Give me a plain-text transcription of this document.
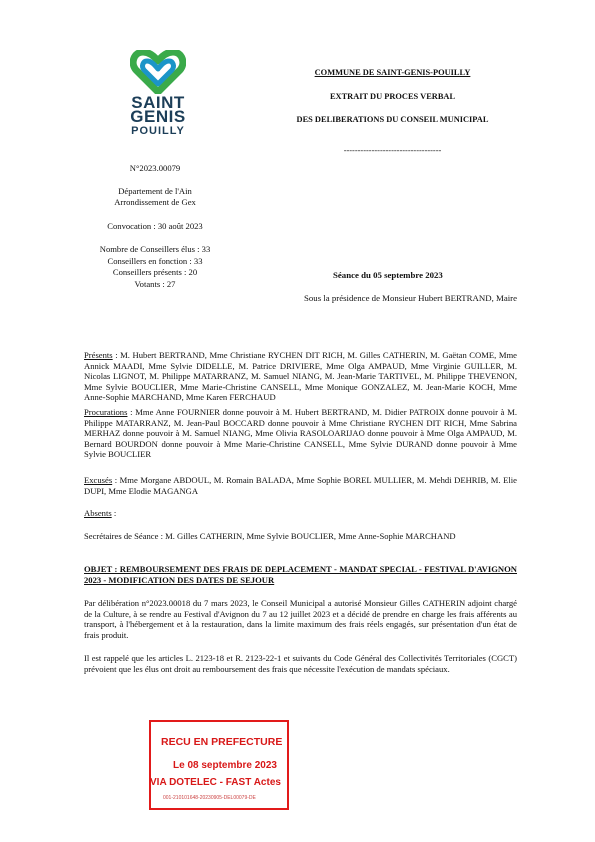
SAINT
GENIS
POUILLY
N°2023.00079
Département de l'Ain
Arrondissement de Gex
Convocation : 30 août 2023
Nombre de Conseillers élus : 33
Conseillers en fonction : 33
Conseillers présents : 20
Votants : 27
COMMUNE DE SAINT-GENIS-POUILLY
EXTRAIT DU PROCES VERBAL
DES DELIBERATIONS DU CONSEIL MUNICIPAL
-----------------------------------
Séance du 05 septembre 2023
Sous la présidence de Monsieur Hubert BERTRAND, Maire

Présents : M. Hubert BERTRAND, Mme Christiane RYCHEN DIT RICH, M. Gilles CATHERIN, M. Gaëtan COME, Mme Annick MAADI, Mme Sylvie DIDELLE, M. Patrice DRIVIERE, Mme Olga AMPAUD, Mme Virginie GUILLER, M. Nicolas LIGNOT, M. Philippe MATARRANZ, M. Samuel NIANG, M. Jean-Marie TARTIVEL, M. Philippe THEVENON, Mme Sylvie BOUCLIER, Mme Marie-Christine CANSELL, Mme Monique GONZALEZ, M. Jean-Marie KOCH, Mme Anne-Sophie MARCHAND, Mme Karen FERCHAUD

Procurations : Mme Anne FOURNIER donne pouvoir à M. Hubert BERTRAND, M. Didier PATROIX donne pouvoir à M. Philippe MATARRANZ, M. Jean-Paul BOCCARD donne pouvoir à Mme Christiane RYCHEN DIT RICH, Mme Sabrina MERHAZ donne pouvoir à M. Samuel NIANG, Mme Olivia RASOLOARIJAO donne pouvoir à Mme Olga AMPAUD, M. Bernard BOURDON donne pouvoir à Mme Marie-Christine CANSELL, Mme Sylvie DURAND donne pouvoir à Mme Sylvie BOUCLIER

Excusés : Mme Morgane ABDOUL, M. Romain BALADA, Mme Sophie BOREL MULLIER, M. Mehdi DEHRIB, M. Elie DUPI, Mme Elodie MAGANGA

Absents :

Secrétaires de Séance : M. Gilles CATHERIN, Mme Sylvie BOUCLIER, Mme Anne-Sophie MARCHAND

OBJET : REMBOURSEMENT DES FRAIS DE DEPLACEMENT - MANDAT SPECIAL - FESTIVAL D'AVIGNON 2023 - MODIFICATION DES DATES DE SEJOUR

Par délibération n°2023.00018 du 7 mars 2023, le Conseil Municipal a autorisé Monsieur Gilles CATHERIN adjoint chargé de la Culture, à se rendre au Festival d'Avignon du 7 au 12 juillet 2023 et a décidé de prendre en charge les frais afférents au transport, à l'hébergement et à la restauration, dans la limite maximum des frais réels engagés, sur présentation d'un état de frais produit.

Il est rappelé que les articles L. 2123-18 et R. 2123-22-1 et suivants du Code Général des Collectivités Territoriales (CGCT) prévoient que les élus ont droit au remboursement des frais que nécessite l'exécution de mandats spéciaux.

RECU EN PREFECTURE
Le 08 septembre 2023
VIA DOTELEC - FAST Actes
001-210101648-20230905-DEL00079-DE
